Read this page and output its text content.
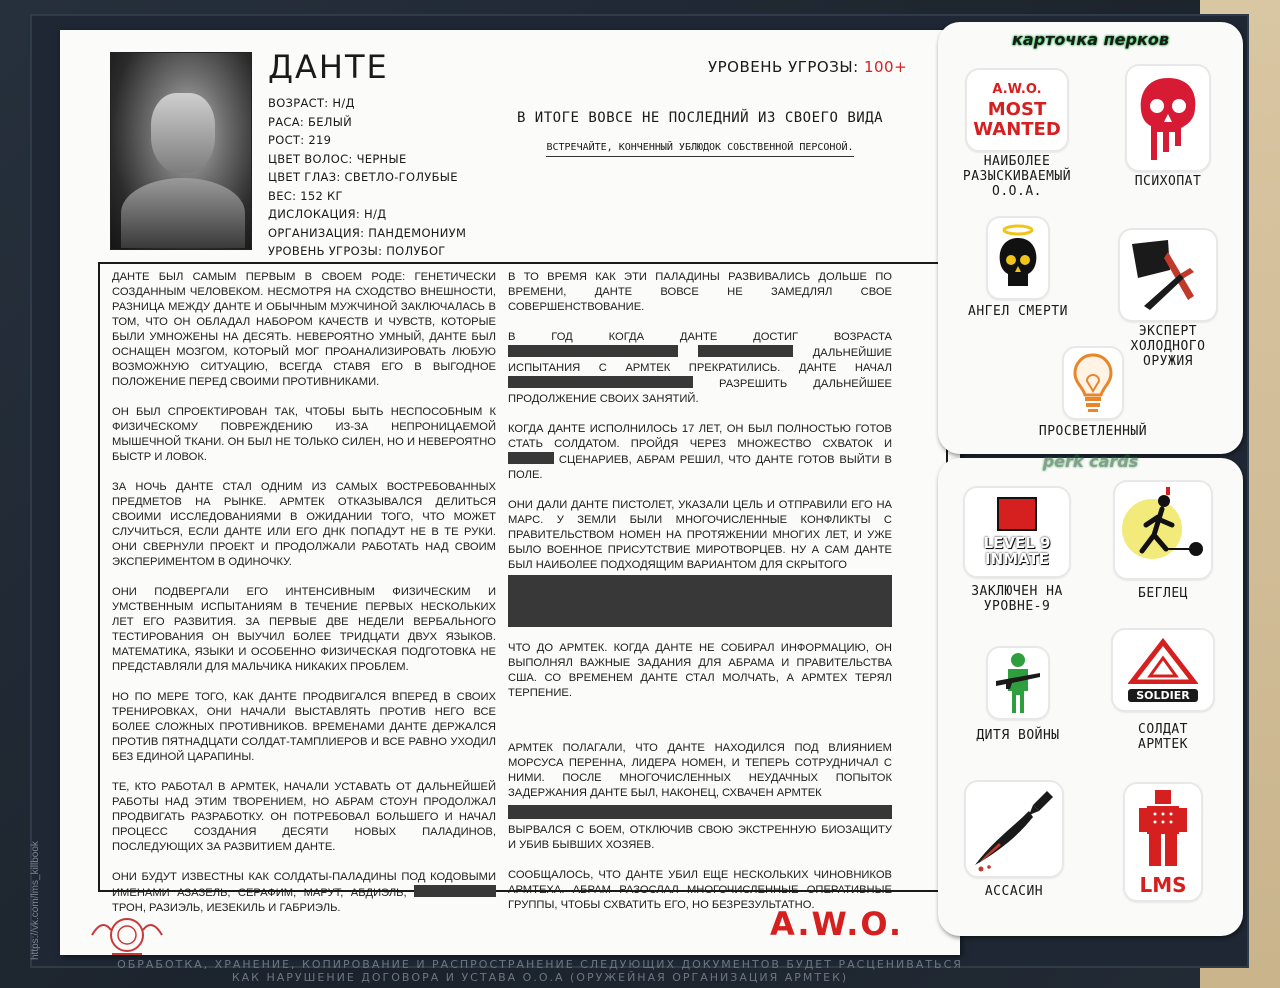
https://vk.com/lms_killbook
ДАНТЕ	УРОВЕНЬ УГРОЗЫ: 100+
ВОЗРАСТ: Н/Д
РАСА: БЕЛЫЙ
РОСТ: 219
ЦВЕТ ВОЛОС: ЧЕРНЫЕ
ЦВЕТ ГЛАЗ: СВЕТЛО-ГОЛУБЫЕ
ВЕС: 152 КГ
ДИСЛОКАЦИЯ: Н/Д
ОРГАНИЗАЦИЯ: ПАНДЕМОНИУМ
УРОВЕНЬ УГРОЗЫ: ПОЛУБОГ
В ИТОГЕ ВОВСЕ НЕ ПОСЛЕДНИЙ ИЗ СВОЕГО ВИДА
ВСТРЕЧАЙТЕ, КОНЧЕННЫЙ УБЛЮДОК СОБСТВЕННОЙ ПЕРСОНОЙ.

ДАНТЕ БЫЛ САМЫМ ПЕРВЫМ В СВОЕМ РОДЕ: ГЕНЕТИЧЕСКИ СОЗДАННЫМ ЧЕЛОВЕКОМ. НЕСМОТРЯ НА СХОДСТВО ВНЕШНОСТИ, РАЗНИЦА МЕЖДУ ДАНТЕ И ОБЫЧНЫМ МУЖЧИНОЙ ЗАКЛЮЧАЛАСЬ В ТОМ, ЧТО ОН ОБЛАДАЛ НАБОРОМ КАЧЕСТВ И ЧУВСТВ, КОТОРЫЕ БЫЛИ УМНОЖЕНЫ НА ДЕСЯТЬ. НЕВЕРОЯТНО УМНЫЙ, ДАНТЕ БЫЛ ОСНАЩЕН МОЗГОМ, КОТОРЫЙ МОГ ПРОАНАЛИЗИРОВАТЬ ЛЮБУЮ ВОЗМОЖНУЮ СИТУАЦИЮ, ВСЕГДА СТАВЯ ЕГО В ВЫГОДНОЕ ПОЛОЖЕНИЕ ПЕРЕД СВОИМИ ПРОТИВНИКАМИ.

ОН БЫЛ СПРОЕКТИРОВАН ТАК, ЧТОБЫ БЫТЬ НЕСПОСОБНЫМ К ФИЗИЧЕСКОМУ ПОВРЕЖДЕНИЮ ИЗ-ЗА НЕПРОНИЦАЕМОЙ МЫШЕЧНОЙ ТКАНИ. ОН БЫЛ НЕ ТОЛЬКО СИЛЕН, НО И НЕВЕРОЯТНО БЫСТР И ЛОВОК.

ЗА НОЧЬ ДАНТЕ СТАЛ ОДНИМ ИЗ САМЫХ ВОСТРЕБОВАННЫХ ПРЕДМЕТОВ НА РЫНКЕ. АРМТЕК ОТКАЗЫВАЛСЯ ДЕЛИТЬСЯ СВОИМИ ИССЛЕДОВАНИЯМИ В ОЖИДАНИИ ТОГО, ЧТО МОЖЕТ СЛУЧИТЬСЯ, ЕСЛИ ДАНТЕ ИЛИ ЕГО ДНК ПОПАДУТ НЕ В ТЕ РУКИ. ОНИ СВЕРНУЛИ ПРОЕКТ И ПРОДОЛЖАЛИ РАБОТАТЬ НАД СВОИМ ЭКСПЕРИМЕНТОМ В ОДИНОЧКУ.

ОНИ ПОДВЕРГАЛИ ЕГО ИНТЕНСИВНЫМ ФИЗИЧЕСКИМ И УМСТВЕННЫМ ИСПЫТАНИЯМ В ТЕЧЕНИЕ ПЕРВЫХ НЕСКОЛЬКИХ ЛЕТ ЕГО РАЗВИТИЯ. ЗА ПЕРВЫЕ ДВЕ НЕДЕЛИ ВЕРБАЛЬНОГО ТЕСТИРОВАНИЯ ОН ВЫУЧИЛ БОЛЕЕ ТРИДЦАТИ ДВУХ ЯЗЫКОВ. МАТЕМАТИКА, ЯЗЫКИ И ОСОБЕННО ФИЗИЧЕСКАЯ ПОДГОТОВКА НЕ ПРЕДСТАВЛЯЛИ ДЛЯ МАЛЬЧИКА НИКАКИХ ПРОБЛЕМ.

НО ПО МЕРЕ ТОГО, КАК ДАНТЕ ПРОДВИГАЛСЯ ВПЕРЕД В СВОИХ ТРЕНИРОВКАХ, ОНИ НАЧАЛИ ВЫСТАВЛЯТЬ ПРОТИВ НЕГО ВСЕ БОЛЕЕ СЛОЖНЫХ ПРОТИВНИКОВ. ВРЕМЕНАМИ ДАНТЕ ДЕРЖАЛСЯ ПРОТИВ ПЯТНАДЦАТИ СОЛДАТ-ТАМПЛИЕРОВ И ВСЕ РАВНО УХОДИЛ БЕЗ ЕДИНОЙ ЦАРАПИНЫ.

ТЕ, КТО РАБОТАЛ В АРМТЕК, НАЧАЛИ УСТАВАТЬ ОТ ДАЛЬНЕЙШЕЙ РАБОТЫ НАД ЭТИМ ТВОРЕНИЕМ, НО АБРАМ СТОУН ПРОДОЛЖАЛ ПРОДВИГАТЬ РАЗРАБОТКУ. ОН ПОТРЕБОВАЛ БОЛЬШЕГО И НАЧАЛ ПРОЦЕСС СОЗДАНИЯ ДЕСЯТИ НОВЫХ ПАЛАДИНОВ, ПОСЛЕДУЮЩИХ ЗА РАЗВИТИЕМ ДАНТЕ.

ОНИ БУДУТ ИЗВЕСТНЫ КАК СОЛДАТЫ-ПАЛАДИНЫ ПОД КОДОВЫМИ ИМЕНАМИ АЗАЗЕЛЬ, СЕРАФИМ, МАРУТ, АБДИЭЛЬ,  ТРОН, РАЗИЭЛЬ, ИЕЗЕКИЛЬ И ГАБРИЭЛЬ.

В ТО ВРЕМЯ КАК ЭТИ ПАЛАДИНЫ РАЗВИВАЛИСЬ ДОЛЬШЕ ПО ВРЕМЕНИ, ДАНТЕ ВОВСЕ НЕ ЗАМЕДЛЯЛ СВОЕ СОВЕРШЕНСТВОВАНИЕ.

В ГОД КОГДА ДАНТЕ ДОСТИГ ВОЗРАСТА   ДАЛЬНЕЙШИЕ ИСПЫТАНИЯ С АРМТЕК ПРЕКРАТИЛИСЬ. ДАНТЕ НАЧАЛ  РАЗРЕШИТЬ ДАЛЬНЕЙШЕЕ ПРОДОЛЖЕНИЕ СВОИХ ЗАНЯТИЙ.

КОГДА ДАНТЕ ИСПОЛНИЛОСЬ 17 ЛЕТ, ОН БЫЛ ПОЛНОСТЬЮ ГОТОВ СТАТЬ СОЛДАТОМ. ПРОЙДЯ ЧЕРЕЗ МНОЖЕСТВО СХВАТОК И  СЦЕНАРИЕВ, АБРАМ РЕШИЛ, ЧТО ДАНТЕ ГОТОВ ВЫЙТИ В ПОЛЕ.

ОНИ ДАЛИ ДАНТЕ ПИСТОЛЕТ, УКАЗАЛИ ЦЕЛЬ И ОТПРАВИЛИ ЕГО НА МАРС. У ЗЕМЛИ БЫЛИ МНОГОЧИСЛЕННЫЕ КОНФЛИКТЫ С ПРАВИТЕЛЬСТВОМ НОМЕН НА ПРОТЯЖЕНИИ МНОГИХ ЛЕТ, И УЖЕ БЫЛО ВОЕННОЕ ПРИСУТСТВИЕ МИРОТВОРЦЕВ. НУ А САМ ДАНТЕ БЫЛ НАИБОЛЕЕ ПОДХОДЯЩИМ ВАРИАНТОМ ДЛЯ СКРЫТОГО

ЧТО ДО АРМТЕК. КОГДА ДАНТЕ НЕ СОБИРАЛ ИНФОРМАЦИЮ, ОН ВЫПОЛНЯЛ ВАЖНЫЕ ЗАДАНИЯ ДЛЯ АБРАМА И ПРАВИТЕЛЬСТВА США. СО ВРЕМЕНЕМ ДАНТЕ СТАЛ МОЛЧАТЬ, А АРМТЕХ ТЕРЯЛ ТЕРПЕНИЕ.

АРМТЕК ПОЛАГАЛИ, ЧТО ДАНТЕ НАХОДИЛСЯ ПОД ВЛИЯНИЕМ МОРСУСА ПЕРЕННА, ЛИДЕРА НОМЕН, И ТЕПЕРЬ СОТРУДНИЧАЛ С НИМИ. ПОСЛЕ МНОГОЧИСЛЕННЫХ НЕУДАЧНЫХ ПОПЫТОК ЗАДЕРЖАНИЯ ДАНТЕ БЫЛ, НАКОНЕЦ, СХВАЧЕН АРМТЕК

ВЫРВАЛСЯ С БОЕМ, ОТКЛЮЧИВ СВОЮ ЭКСТРЕННУЮ БИОЗАЩИТУ И УБИВ БЫВШИХ ХОЗЯЕВ.

СООБЩАЛОСЬ, ЧТО ДАНТЕ УБИЛ ЕЩЕ НЕСКОЛЬКИХ ЧИНОВНИКОВ АРМТЕХА. АБРАМ РАЗОСЛАЛ МНОГОЧИСЛЕННЫЕ ОПЕРАТИВНЫЕ ГРУППЫ, ЧТОБЫ СХВАТИТЬ ЕГО, НО БЕЗРЕЗУЛЬТАТНО.

A.W.O.
ОБРАБОТКА, ХРАНЕНИЕ, КОПИРОВАНИЕ И РАСПРОСТРАНЕНИЕ СЛЕДУЮЩИХ ДОКУМЕНТОВ БУДЕТ РАСЦЕНИВАТЬСЯ
КАК НАРУШЕНИЕ ДОГОВОРА И УСТАВА О.О.А (ОРУЖЕЙНАЯ ОРГАНИЗАЦИЯ АРМТЕК)
карточка перков
A.W.O.
MOST
WANTED
НАИБОЛЕЕ
РАЗЫСКИВАЕМЫЙ
О.О.А.
ПСИХОПАТ
АНГЕЛ СМЕРТИ
ЭКСПЕРТ
ХОЛОДНОГО
ОРУЖИЯ
ПРОСВЕТЛЕННЫЙ
perk cards
LEVEL 9
INMATE
ЗАКЛЮЧЕН НА
УРОВНЕ-9
БЕГЛЕЦ
ДИТЯ ВОЙНЫ
SOLDIER
СОЛДАТ
АРМТЕК
АССАСИН	LMS
